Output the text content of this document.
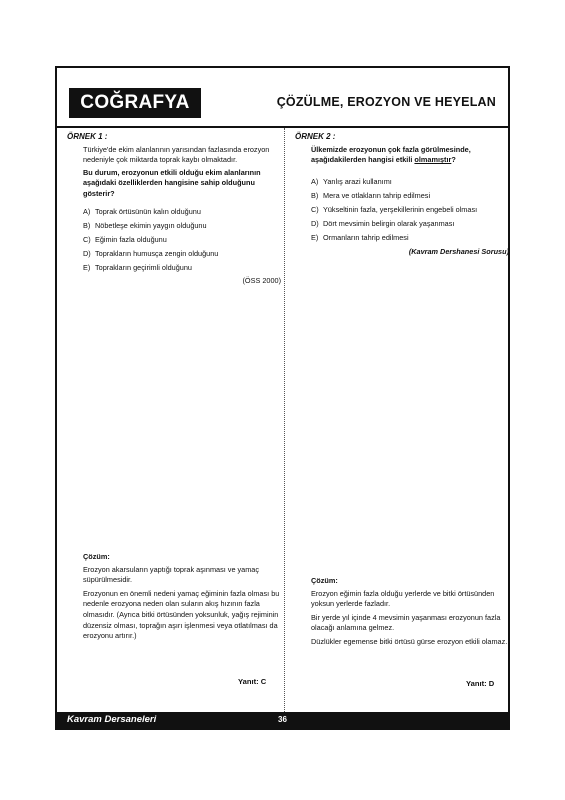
COĞRAFYA	ÇÖZÜLME, EROZYON VE HEYELAN
ÖRNEK 1 :

Türkiye'de ekim alanlarının yarısından fazlasında erozyon nedeniyle çok miktarda toprak kaybı olmaktadır.

Bu durum, erozyonun etkili olduğu ekim alanlarının aşağıdaki özelliklerden hangisine sahip olduğunu gösterir?

A) Toprak örtüsünün kalın olduğunu
B) Nöbetleşe ekimin yaygın olduğunu
C) Eğimin fazla olduğunu
D) Toprakların humusça zengin olduğunu
E) Toprakların geçirimli olduğunu
(ÖSS 2000)
Çözüm:

Erozyon akarsuların yaptığı toprak aşınması ve yamaç süpürülmesidir.

Erozyonun en önemli nedeni yamaç eğiminin fazla olması bu nedenle erozyona neden olan suların akış hızının fazla olmasıdır. (Ayrıca bitki örtüsünden yoksunluk, yağış rejiminin düzensiz olması, toprağın aşırı işlenmesi veya otlatılması da erozyonu artırır.)

Yanıt: C
ÖRNEK 2 :

Ülkemizde erozyonun çok fazla görülmesinde, aşağıdakilerden hangisi etkili olmamıştır?

A) Yanlış arazi kullanımı
B) Mera ve otlakların tahrip edilmesi
C) Yükseltinin fazla, yerşekillerinin engebeli olması
D) Dört mevsimin belirgin olarak yaşanması
E) Ormanların tahrip edilmesi
(Kavram Dershanesi Sorusu)
Çözüm:

Erozyon eğimin fazla olduğu yerlerde ve bitki örtüsünden yoksun yerlerde fazladır.

Bir yerde yıl içinde 4 mevsimin yaşanması erozyonun fazla olacağı anlamına gelmez.

Düzlükler egemense bitki örtüsü gürse erozyon etkili olamaz.

Yanıt: D
Kavram Dersaneleri	36
